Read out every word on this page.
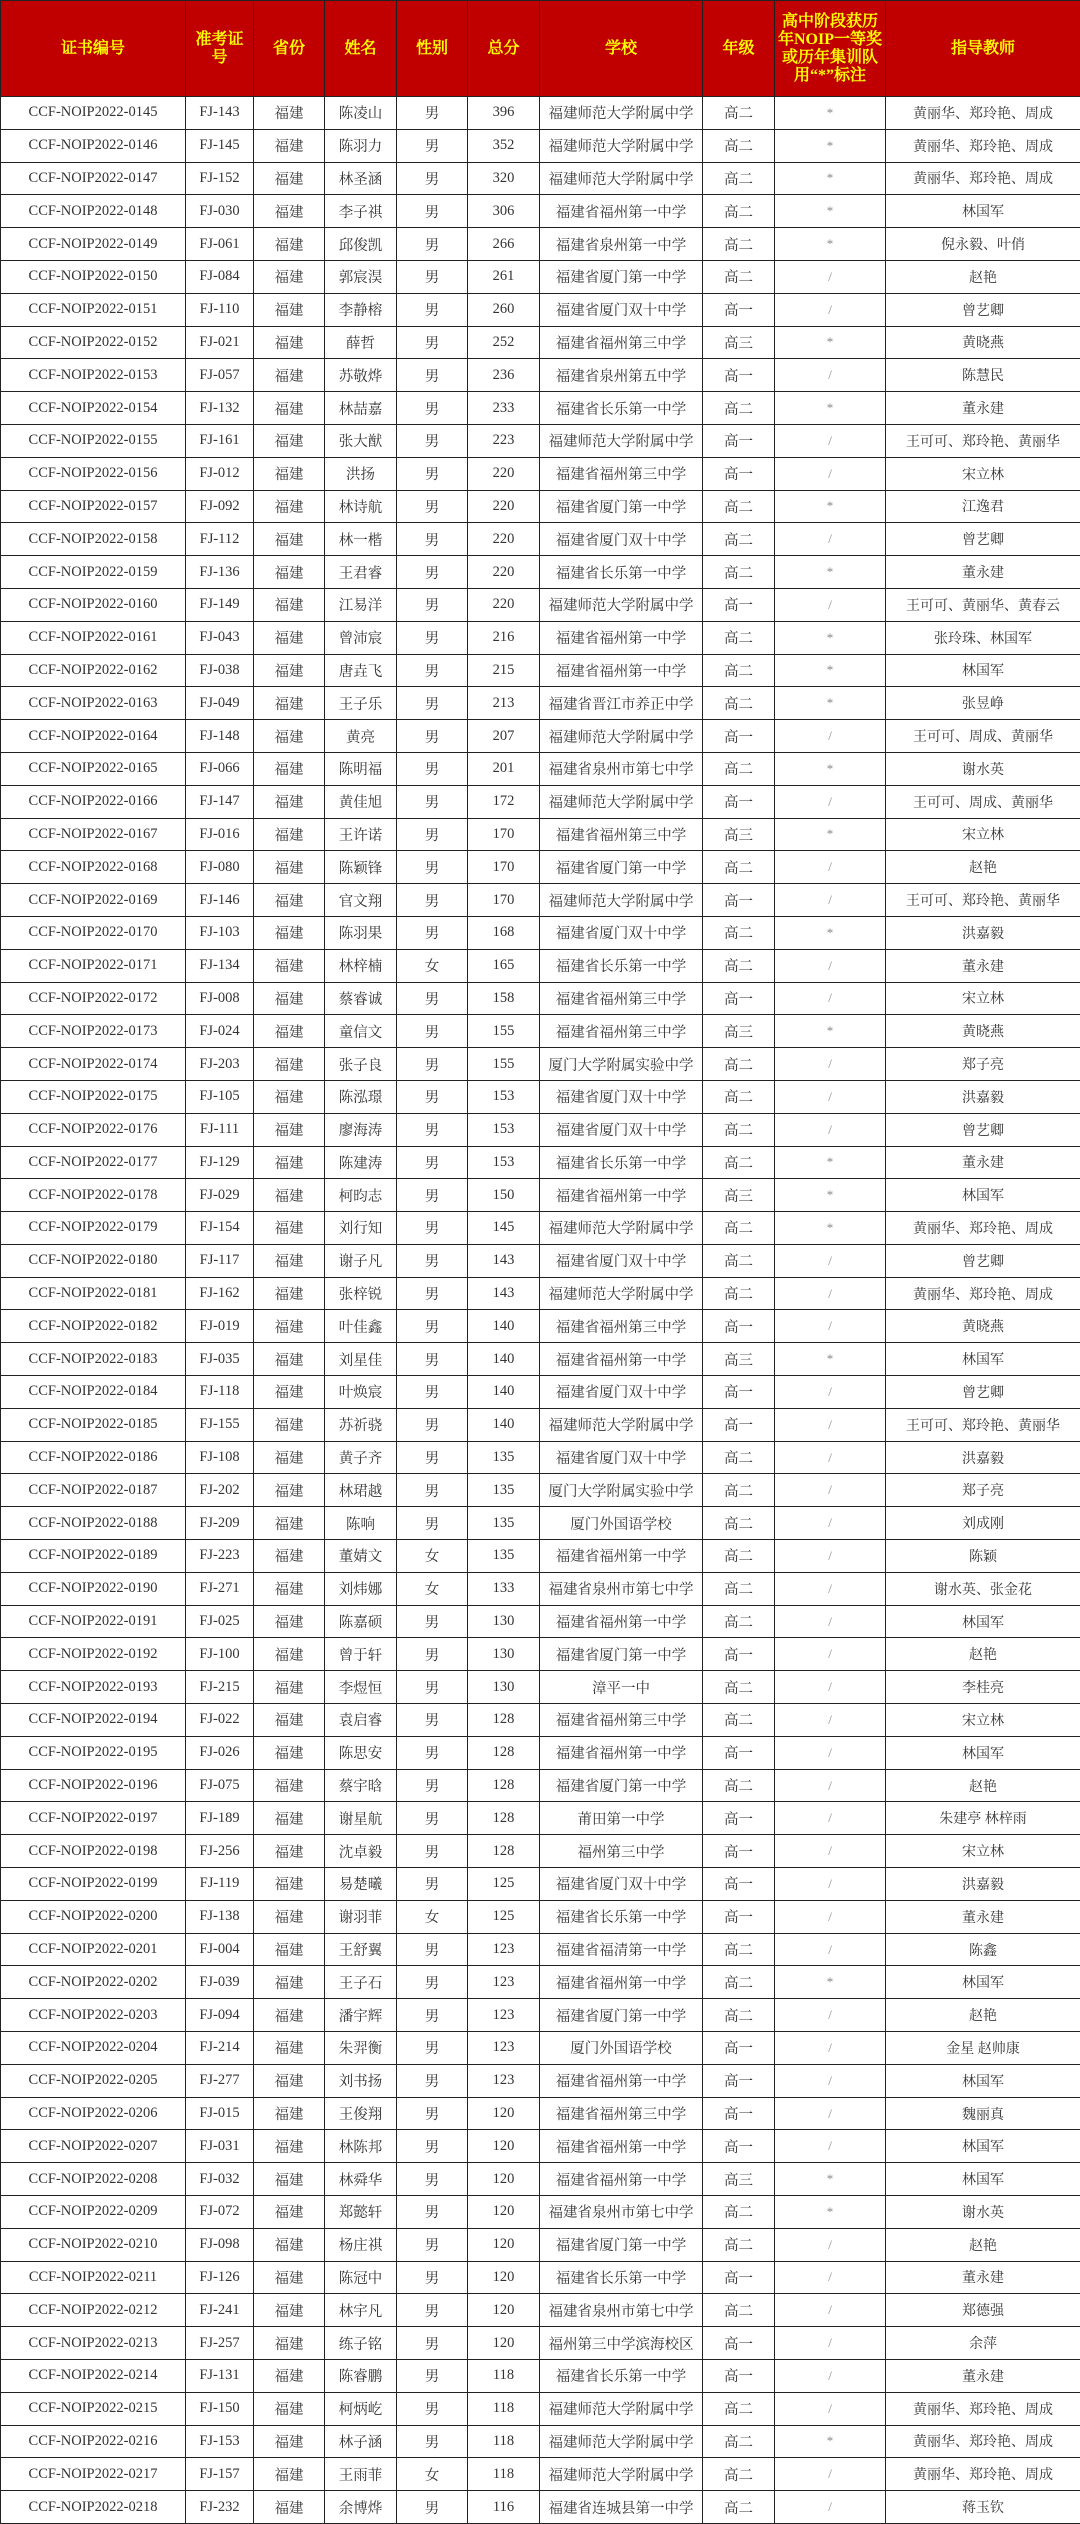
证书编号	准考证号	省份	姓名	性别	总分	学校	年级	高中阶段获历年NOIP一等奖或历年集训队用“*”标注	指导教师
CCF-NOIP2022-0145	FJ-143	福建	陈凌山	男	396	福建师范大学附属中学	高二	*	黄丽华、郑玲艳、周成
CCF-NOIP2022-0146	FJ-145	福建	陈羽力	男	352	福建师范大学附属中学	高二	*	黄丽华、郑玲艳、周成
CCF-NOIP2022-0147	FJ-152	福建	林圣涵	男	320	福建师范大学附属中学	高二	*	黄丽华、郑玲艳、周成
CCF-NOIP2022-0148	FJ-030	福建	李子祺	男	306	福建省福州第一中学	高二	*	林国军
CCF-NOIP2022-0149	FJ-061	福建	邱俊凯	男	266	福建省泉州第一中学	高二	*	倪永毅、叶俏
CCF-NOIP2022-0150	FJ-084	福建	郭宸淏	男	261	福建省厦门第一中学	高二	/	赵艳
CCF-NOIP2022-0151	FJ-110	福建	李静榕	男	260	福建省厦门双十中学	高一	/	曾艺卿
CCF-NOIP2022-0152	FJ-021	福建	薛哲	男	252	福建省福州第三中学	高三	*	黄晓燕
CCF-NOIP2022-0153	FJ-057	福建	苏敬烨	男	236	福建省泉州第五中学	高一	/	陈慧民
CCF-NOIP2022-0154	FJ-132	福建	林喆嘉	男	233	福建省长乐第一中学	高二	*	董永建
CCF-NOIP2022-0155	FJ-161	福建	张大猷	男	223	福建师范大学附属中学	高一	/	王可可、郑玲艳、黄丽华
CCF-NOIP2022-0156	FJ-012	福建	洪扬	男	220	福建省福州第三中学	高一	/	宋立林
CCF-NOIP2022-0157	FJ-092	福建	林诗航	男	220	福建省厦门第一中学	高二	*	江逸君
CCF-NOIP2022-0158	FJ-112	福建	林一楷	男	220	福建省厦门双十中学	高二	/	曾艺卿
CCF-NOIP2022-0159	FJ-136	福建	王君睿	男	220	福建省长乐第一中学	高二	*	董永建
CCF-NOIP2022-0160	FJ-149	福建	江易洋	男	220	福建师范大学附属中学	高一	/	王可可、黄丽华、黄春云
CCF-NOIP2022-0161	FJ-043	福建	曾沛宸	男	216	福建省福州第一中学	高二	*	张玲珠、林国军
CCF-NOIP2022-0162	FJ-038	福建	唐垚飞	男	215	福建省福州第一中学	高二	*	林国军
CCF-NOIP2022-0163	FJ-049	福建	王子乐	男	213	福建省晋江市养正中学	高二	*	张昱峥
CCF-NOIP2022-0164	FJ-148	福建	黄亮	男	207	福建师范大学附属中学	高一	/	王可可、周成、黄丽华
CCF-NOIP2022-0165	FJ-066	福建	陈明福	男	201	福建省泉州市第七中学	高二	*	谢水英
CCF-NOIP2022-0166	FJ-147	福建	黄佳旭	男	172	福建师范大学附属中学	高一	/	王可可、周成、黄丽华
CCF-NOIP2022-0167	FJ-016	福建	王许诺	男	170	福建省福州第三中学	高三	*	宋立林
CCF-NOIP2022-0168	FJ-080	福建	陈颖锋	男	170	福建省厦门第一中学	高二	/	赵艳
CCF-NOIP2022-0169	FJ-146	福建	官文翔	男	170	福建师范大学附属中学	高一	/	王可可、郑玲艳、黄丽华
CCF-NOIP2022-0170	FJ-103	福建	陈羽果	男	168	福建省厦门双十中学	高二	*	洪嘉毅
CCF-NOIP2022-0171	FJ-134	福建	林梓楠	女	165	福建省长乐第一中学	高二	/	董永建
CCF-NOIP2022-0172	FJ-008	福建	蔡睿诚	男	158	福建省福州第三中学	高一	/	宋立林
CCF-NOIP2022-0173	FJ-024	福建	童信文	男	155	福建省福州第三中学	高三	*	黄晓燕
CCF-NOIP2022-0174	FJ-203	福建	张子良	男	155	厦门大学附属实验中学	高二	/	郑子亮
CCF-NOIP2022-0175	FJ-105	福建	陈泓璟	男	153	福建省厦门双十中学	高二	/	洪嘉毅
CCF-NOIP2022-0176	FJ-111	福建	廖海涛	男	153	福建省厦门双十中学	高二	/	曾艺卿
CCF-NOIP2022-0177	FJ-129	福建	陈建涛	男	153	福建省长乐第一中学	高二	*	董永建
CCF-NOIP2022-0178	FJ-029	福建	柯昀志	男	150	福建省福州第一中学	高三	*	林国军
CCF-NOIP2022-0179	FJ-154	福建	刘行知	男	145	福建师范大学附属中学	高二	*	黄丽华、郑玲艳、周成
CCF-NOIP2022-0180	FJ-117	福建	谢子凡	男	143	福建省厦门双十中学	高二	/	曾艺卿
CCF-NOIP2022-0181	FJ-162	福建	张梓锐	男	143	福建师范大学附属中学	高二	/	黄丽华、郑玲艳、周成
CCF-NOIP2022-0182	FJ-019	福建	叶佳鑫	男	140	福建省福州第三中学	高一	/	黄晓燕
CCF-NOIP2022-0183	FJ-035	福建	刘星佳	男	140	福建省福州第一中学	高三	*	林国军
CCF-NOIP2022-0184	FJ-118	福建	叶焕宸	男	140	福建省厦门双十中学	高一	/	曾艺卿
CCF-NOIP2022-0185	FJ-155	福建	苏祈骁	男	140	福建师范大学附属中学	高一	/	王可可、郑玲艳、黄丽华
CCF-NOIP2022-0186	FJ-108	福建	黄子齐	男	135	福建省厦门双十中学	高二	/	洪嘉毅
CCF-NOIP2022-0187	FJ-202	福建	林珺越	男	135	厦门大学附属实验中学	高二	/	郑子亮
CCF-NOIP2022-0188	FJ-209	福建	陈响	男	135	厦门外国语学校	高二	/	刘成刚
CCF-NOIP2022-0189	FJ-223	福建	董婧文	女	135	福建省福州第一中学	高二	/	陈颖
CCF-NOIP2022-0190	FJ-271	福建	刘炜娜	女	133	福建省泉州市第七中学	高二	/	谢水英、张金花
CCF-NOIP2022-0191	FJ-025	福建	陈嘉硕	男	130	福建省福州第一中学	高二	/	林国军
CCF-NOIP2022-0192	FJ-100	福建	曾于轩	男	130	福建省厦门第一中学	高一	/	赵艳
CCF-NOIP2022-0193	FJ-215	福建	李煜恒	男	130	漳平一中	高二	/	李桂亮
CCF-NOIP2022-0194	FJ-022	福建	袁启睿	男	128	福建省福州第三中学	高二	/	宋立林
CCF-NOIP2022-0195	FJ-026	福建	陈思安	男	128	福建省福州第一中学	高一	/	林国军
CCF-NOIP2022-0196	FJ-075	福建	蔡宇晗	男	128	福建省厦门第一中学	高二	/	赵艳
CCF-NOIP2022-0197	FJ-189	福建	谢星航	男	128	莆田第一中学	高一	/	朱建亭 林梓雨
CCF-NOIP2022-0198	FJ-256	福建	沈卓毅	男	128	福州第三中学	高一	/	宋立林
CCF-NOIP2022-0199	FJ-119	福建	易楚曦	男	125	福建省厦门双十中学	高一	/	洪嘉毅
CCF-NOIP2022-0200	FJ-138	福建	谢羽菲	女	125	福建省长乐第一中学	高一	/	董永建
CCF-NOIP2022-0201	FJ-004	福建	王舒翼	男	123	福建省福清第一中学	高二	/	陈鑫
CCF-NOIP2022-0202	FJ-039	福建	王子石	男	123	福建省福州第一中学	高二	*	林国军
CCF-NOIP2022-0203	FJ-094	福建	潘宇辉	男	123	福建省厦门第一中学	高二	/	赵艳
CCF-NOIP2022-0204	FJ-214	福建	朱羿衡	男	123	厦门外国语学校	高一	/	金星 赵帅康
CCF-NOIP2022-0205	FJ-277	福建	刘书扬	男	123	福建省福州第一中学	高一	/	林国军
CCF-NOIP2022-0206	FJ-015	福建	王俊翔	男	120	福建省福州第三中学	高一	/	魏丽真
CCF-NOIP2022-0207	FJ-031	福建	林陈邦	男	120	福建省福州第一中学	高一	/	林国军
CCF-NOIP2022-0208	FJ-032	福建	林舜华	男	120	福建省福州第一中学	高三	*	林国军
CCF-NOIP2022-0209	FJ-072	福建	郑懿轩	男	120	福建省泉州市第七中学	高二	*	谢水英
CCF-NOIP2022-0210	FJ-098	福建	杨庄祺	男	120	福建省厦门第一中学	高二	/	赵艳
CCF-NOIP2022-0211	FJ-126	福建	陈冠中	男	120	福建省长乐第一中学	高一	/	董永建
CCF-NOIP2022-0212	FJ-241	福建	林宇凡	男	120	福建省泉州市第七中学	高二	/	郑德强
CCF-NOIP2022-0213	FJ-257	福建	练子铭	男	120	福州第三中学滨海校区	高一	/	余萍
CCF-NOIP2022-0214	FJ-131	福建	陈睿鹏	男	118	福建省长乐第一中学	高一	/	董永建
CCF-NOIP2022-0215	FJ-150	福建	柯炳屹	男	118	福建师范大学附属中学	高二	/	黄丽华、郑玲艳、周成
CCF-NOIP2022-0216	FJ-153	福建	林子涵	男	118	福建师范大学附属中学	高二	*	黄丽华、郑玲艳、周成
CCF-NOIP2022-0217	FJ-157	福建	王雨菲	女	118	福建师范大学附属中学	高二	/	黄丽华、郑玲艳、周成
CCF-NOIP2022-0218	FJ-232	福建	余博烨	男	116	福建省连城县第一中学	高二	/	蒋玉钦
